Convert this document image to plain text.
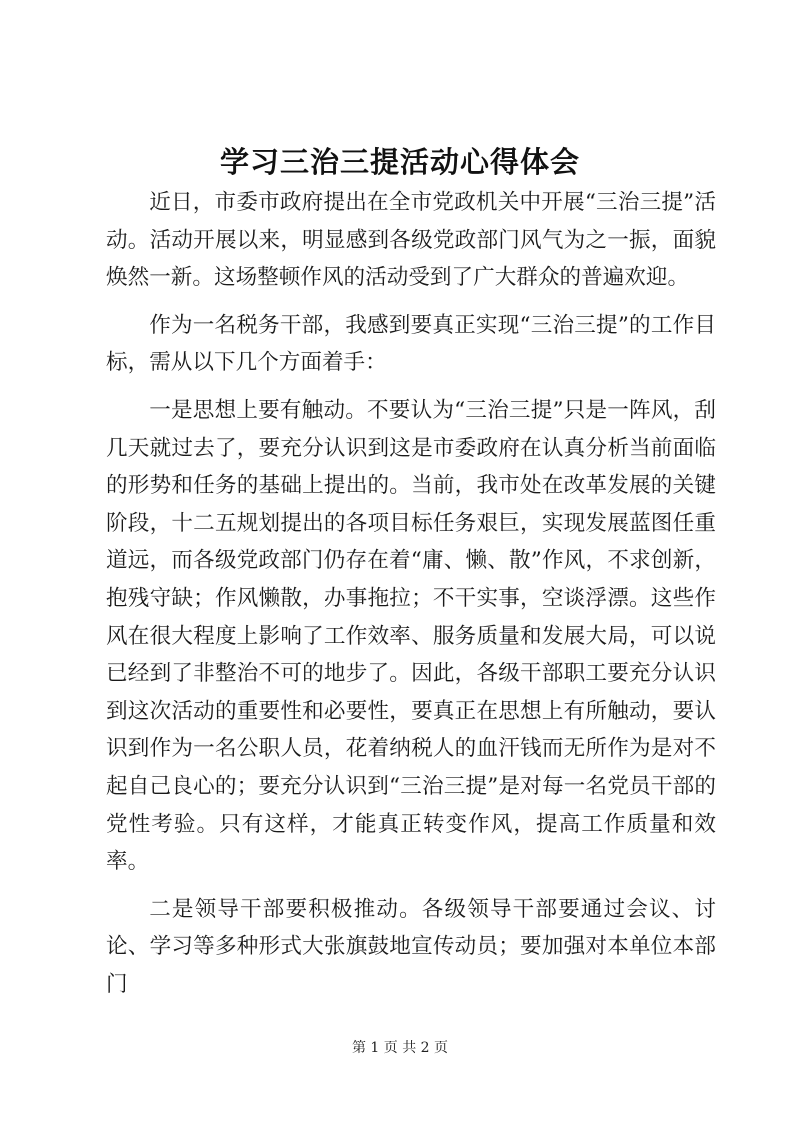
学习三治三提活动心得体会

近日，市委市政府提出在全市党政机关中开展“三治三提”活动。活动开展以来，明显感到各级党政部门风气为之一振，面貌焕然一新。这场整顿作风的活动受到了广大群众的普遍欢迎。

作为一名税务干部，我感到要真正实现“三治三提”的工作目标，需从以下几个方面着手：

一是思想上要有触动。不要认为“三治三提”只是一阵风，刮几天就过去了，要充分认识到这是市委政府在认真分析当前面临的形势和任务的基础上提出的。当前，我市处在改革发展的关键阶段，十二五规划提出的各项目标任务艰巨，实现发展蓝图任重道远，而各级党政部门仍存在着“庸、懒、散”作风，不求创新，抱残守缺；作风懒散，办事拖拉；不干实事，空谈浮漂。这些作风在很大程度上影响了工作效率、服务质量和发展大局，可以说已经到了非整治不可的地步了。因此，各级干部职工要充分认识到这次活动的重要性和必要性，要真正在思想上有所触动，要认识到作为一名公职人员，花着纳税人的血汗钱而无所作为是对不起自己良心的；要充分认识到“三治三提”是对每一名党员干部的党性考验。只有这样，才能真正转变作风，提高工作质量和效率。

二是领导干部要积极推动。各级领导干部要通过会议、讨论、学习等多种形式大张旗鼓地宣传动员；要加强对本单位本部门

第 1 页 共 2 页
